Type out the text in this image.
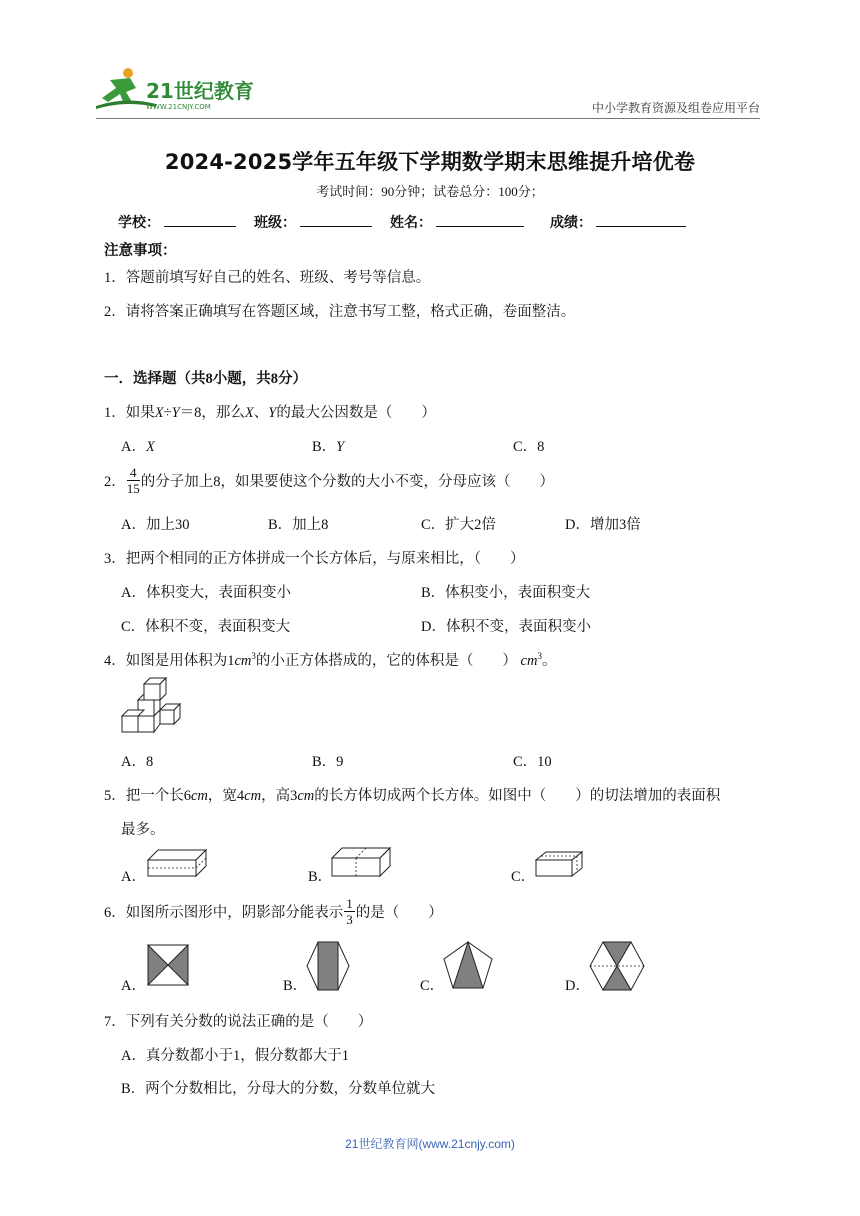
21世纪教育
WWW.21CNJY.COM	中小学教育资源及组卷应用平台
2024-2025学年五年级下学期数学期末思维提升培优卷
考试时间：90分钟；试卷总分：100分；
学校：	班级：	姓名：	成绩：
注意事项：
1．答题前填写好自己的姓名、班级、考号等信息。
2．请将答案正确填写在答题区域，注意书写工整，格式正确，卷面整洁。
一．选择题（共8小题，共8分）
1．如果X÷Y＝8，那么X、Y的最大公因数是（　　）
A．X	B．Y	C．8
2． $\frac{4}{15}$ 的分子加上8，如果要使这个分数的大小不变，分母应该（　　）
A．加上30	B．加上8	C．扩大2倍	D．增加3倍
3．把两个相同的正方体拼成一个长方体后，与原来相比，（　　）
A．体积变大，表面积变小	B．体积变小，表面积变大
C．体积不变，表面积变大	D．体积不变，表面积变小
4．如图是用体积为$1cm^3$的小正方体搭成的，它的体积是（　　） $cm^3$。
A．8	B．9	C．10
5．把一个长6cm，宽4cm，高3cm的长方体切成两个长方体。如图中（　　）的切法增加的表面积
最多。
A．	B．	C．
6．如图所示图形中，阴影部分能表示 $\frac{1}{3}$ 的是（　　）
A．	B．	C．	D．
7．下列有关分数的说法正确的是（　　）
A．真分数都小于1，假分数都大于1
B．两个分数相比，分母大的分数，分数单位就大
21世纪教育网(www.21cnjy.com)
